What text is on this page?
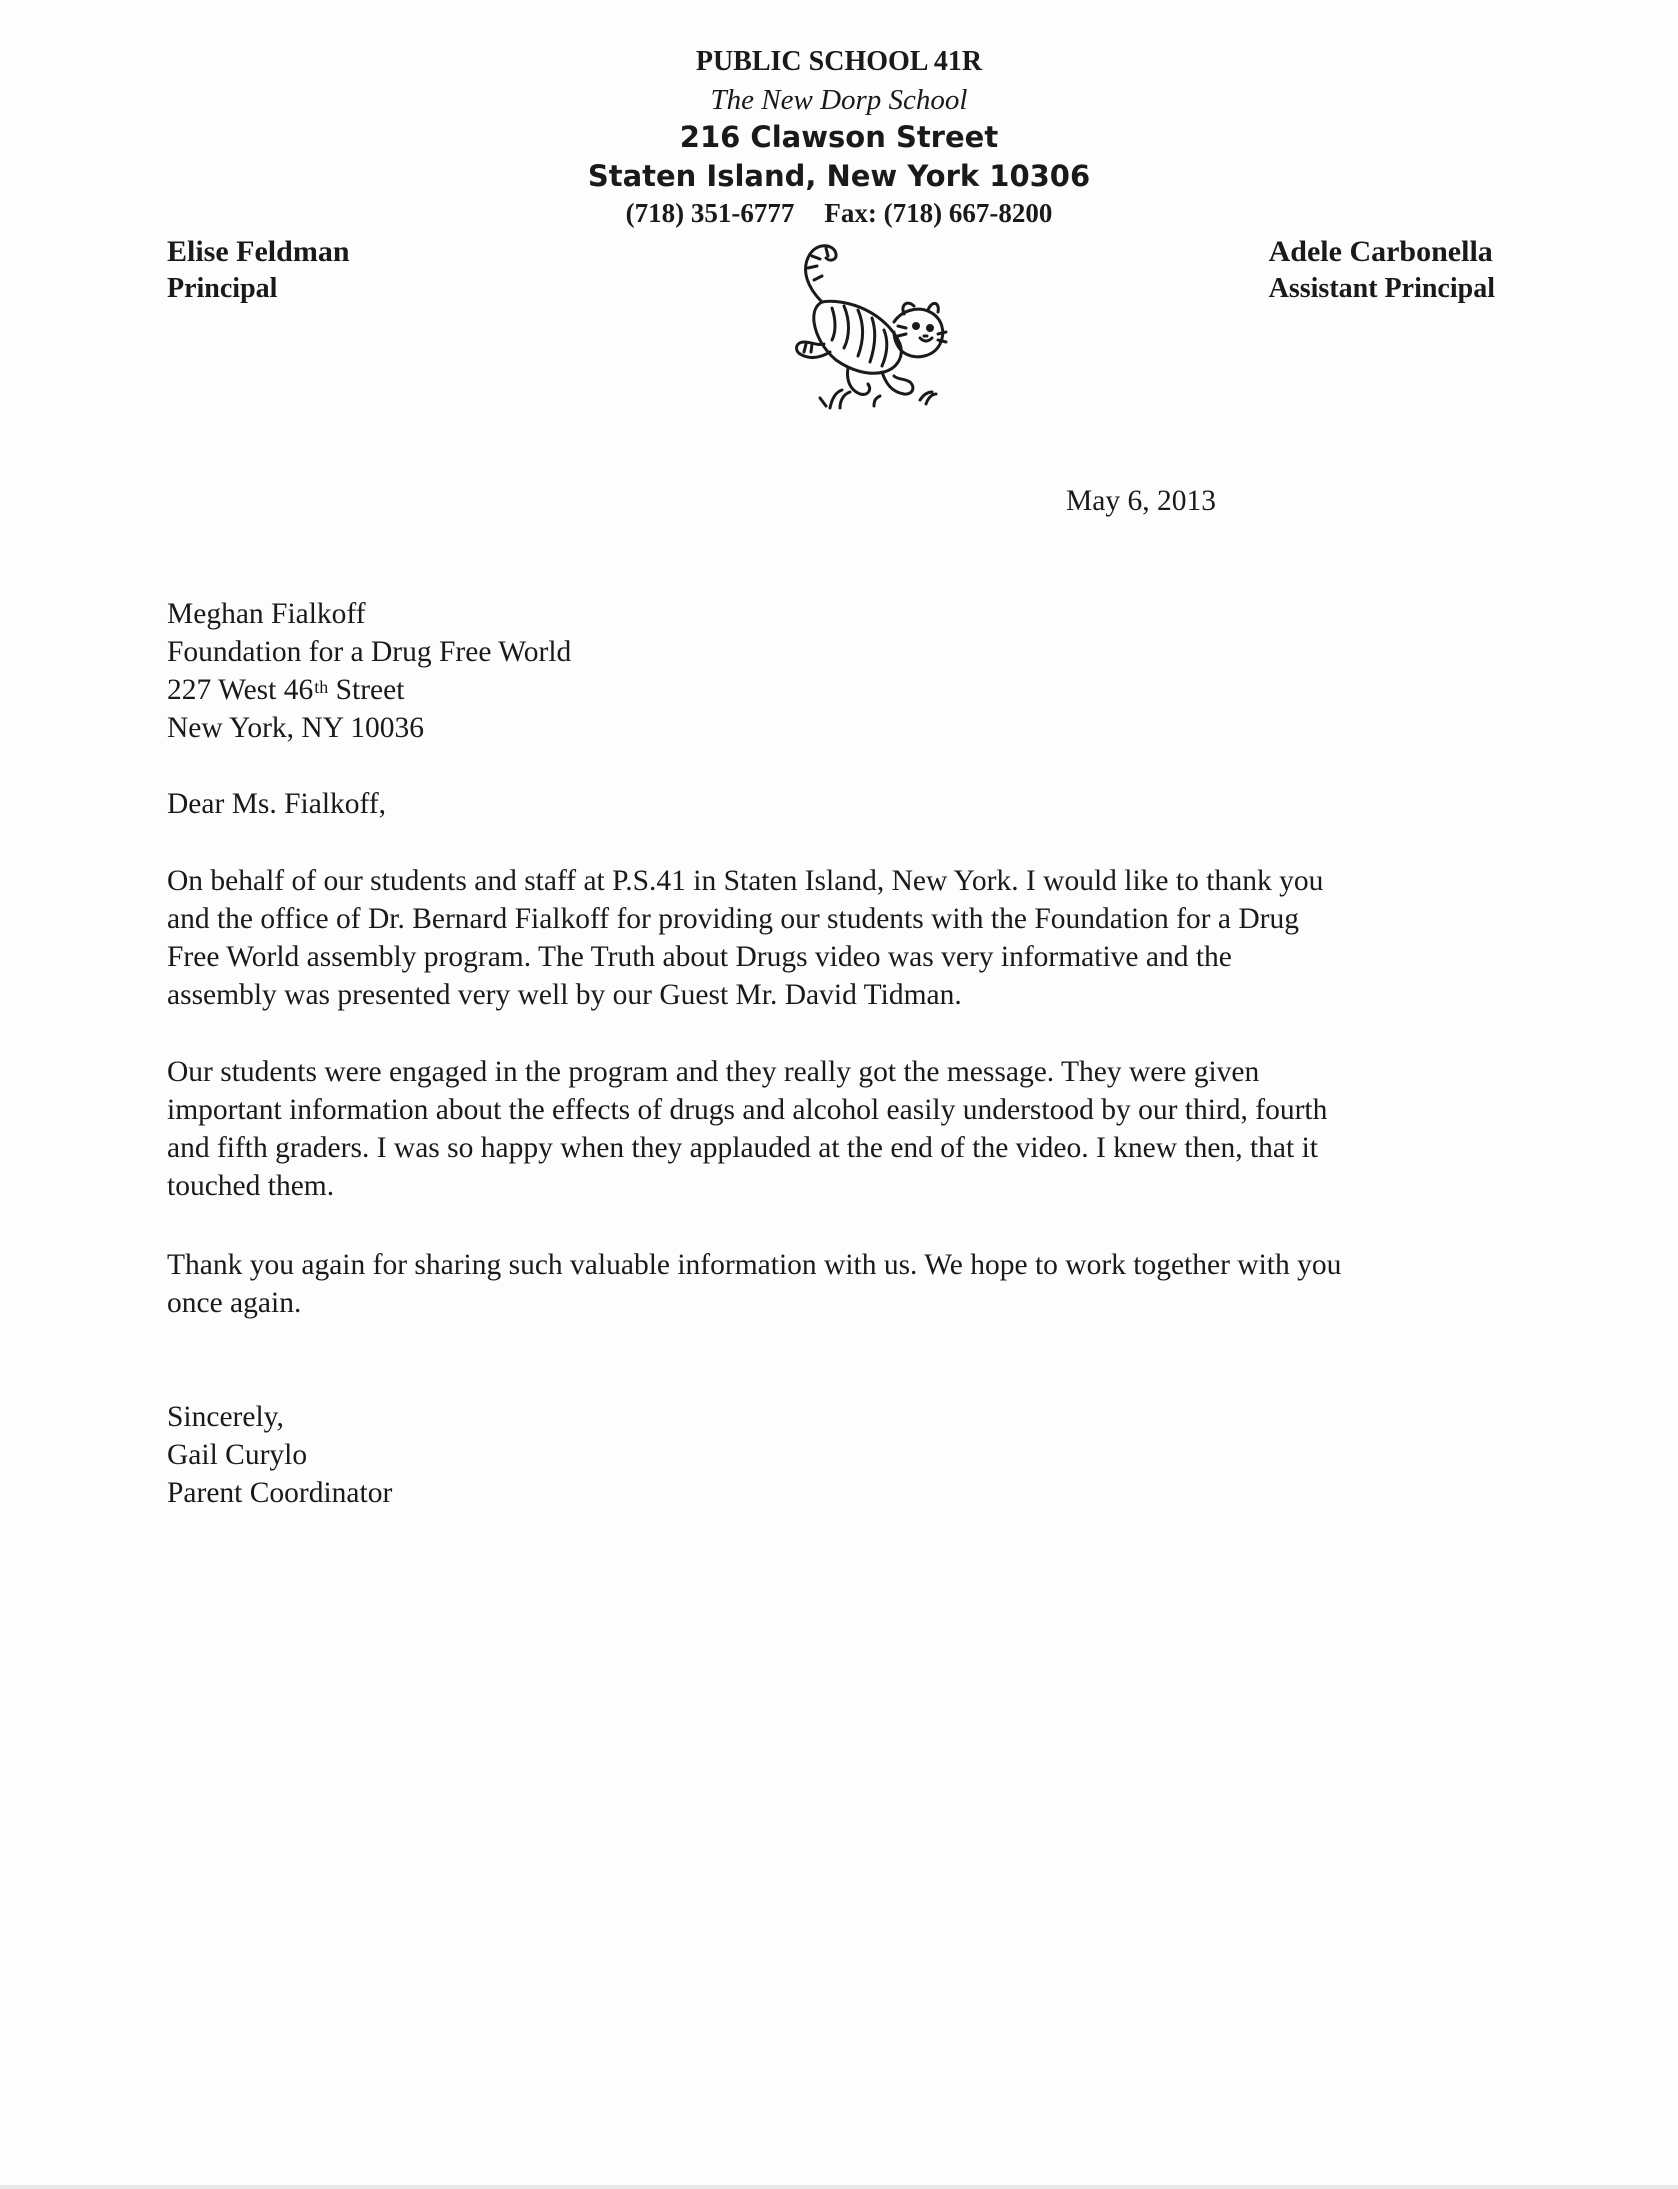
PUBLIC SCHOOL 41R
The New Dorp School
216 Clawson Street
Staten Island, New York 10306
(718) 351-6777 Fax: (718) 667-8200
Elise Feldman
Principal
Adele Carbonella
Assistant Principal
May 6, 2013
Meghan Fialkoff
Foundation for a Drug Free World
227 West 46th Street
New York, NY 10036
Dear Ms. Fialkoff,
On behalf of our students and staff at P.S.41 in Staten Island, New York. I would like to thank you
and the office of Dr. Bernard Fialkoff for providing our students with the Foundation for a Drug
Free World assembly program. The Truth about Drugs video was very informative and the
assembly was presented very well by our Guest Mr. David Tidman.
Our students were engaged in the program and they really got the message. They were given
important information about the effects of drugs and alcohol easily understood by our third, fourth
and fifth graders. I was so happy when they applauded at the end of the video. I knew then, that it
touched them.
Thank you again for sharing such valuable information with us. We hope to work together with you
once again.
Sincerely,
Gail Curylo
Parent Coordinator
